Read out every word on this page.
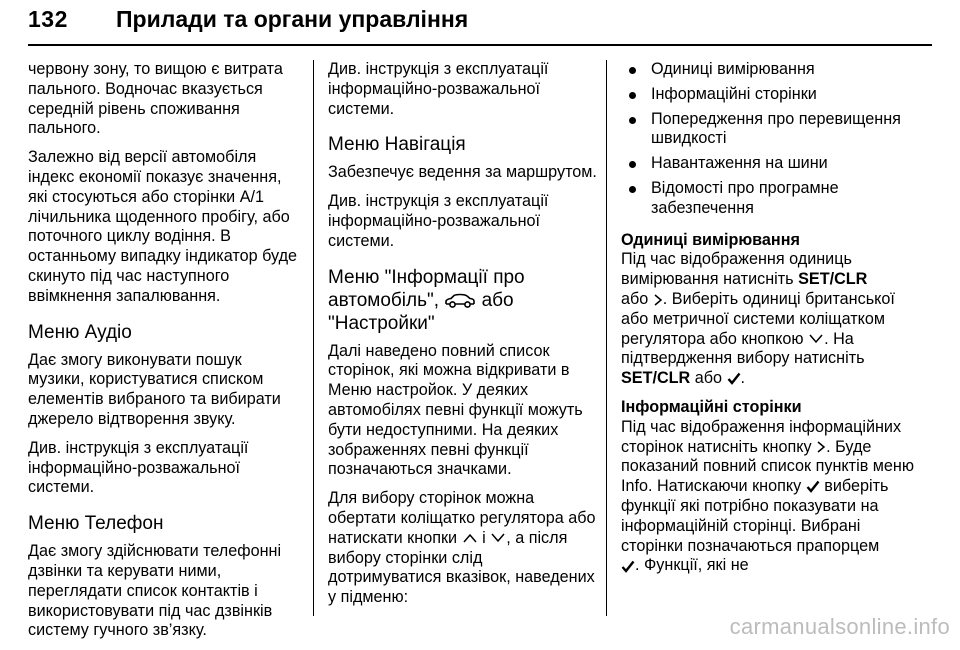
132 Прилади та органи управління

червону зону, то вищою є витрата пального. Водночас вказується середній рівень споживання пального.

Залежно від версії автомобіля індекс економії показує значення, які стосуються або сторінки А/1 лічильника щоденного пробігу, або поточного циклу водіння. В останньому випадку індикатор буде скинуто під час наступного ввімкнення запалювання.

Меню Аудіо

Дає змогу виконувати пошук музики, користуватися списком елементів вибраного та вибирати джерело відтворення звуку.

Див. інструкція з експлуатації інформаційно-розважальної системи.

Меню Телефон

Дає змогу здійснювати телефонні дзвінки та керувати ними, переглядати список контактів і використовувати під час дзвінків систему гучного зв’язку.

Див. інструкція з експлуатації інформаційно-розважальної системи.

Меню Навігація

Забезпечує ведення за маршрутом.

Див. інструкція з експлуатації інформаційно-розважальної системи.

Меню "Інформації про автомобіль", або
"Настройки"

Далі наведено повний список сторінок, які можна відкривати в Меню настройок. У деяких автомобілях певні функції можуть бути недоступними. На деяких зображеннях певні функції позначаються значками.

Для вибору сторінок можна обертати коліщатко регулятора або натискати кнопки і , а після вибору сторінки слід дотримуватися вказівок, наведених у підменю:

Одиниці вимірювання
Інформаційні сторінки
Попередження про перевищення швидкості
Навантаження на шини
Відомості про програмне забезпечення
Одиниці вимірювання

Під час відображення одиниць вимірювання натисніть SET/CLR
або . Виберіть одиниці британської або метричної системи коліщатком регулятора або кнопкою . На підтвердження вибору натисніть SET/CLR або .

Інформаційні сторінки

Під час відображення інформаційних сторінок натисніть кнопку . Буде показаний повний список пунктів меню Info. Натискаючи кнопку виберіть функції які потрібно показувати на інформаційній сторінці. Вибрані сторінки позначаються прапорцем
. Функції, які не

carmanualsonline.info
